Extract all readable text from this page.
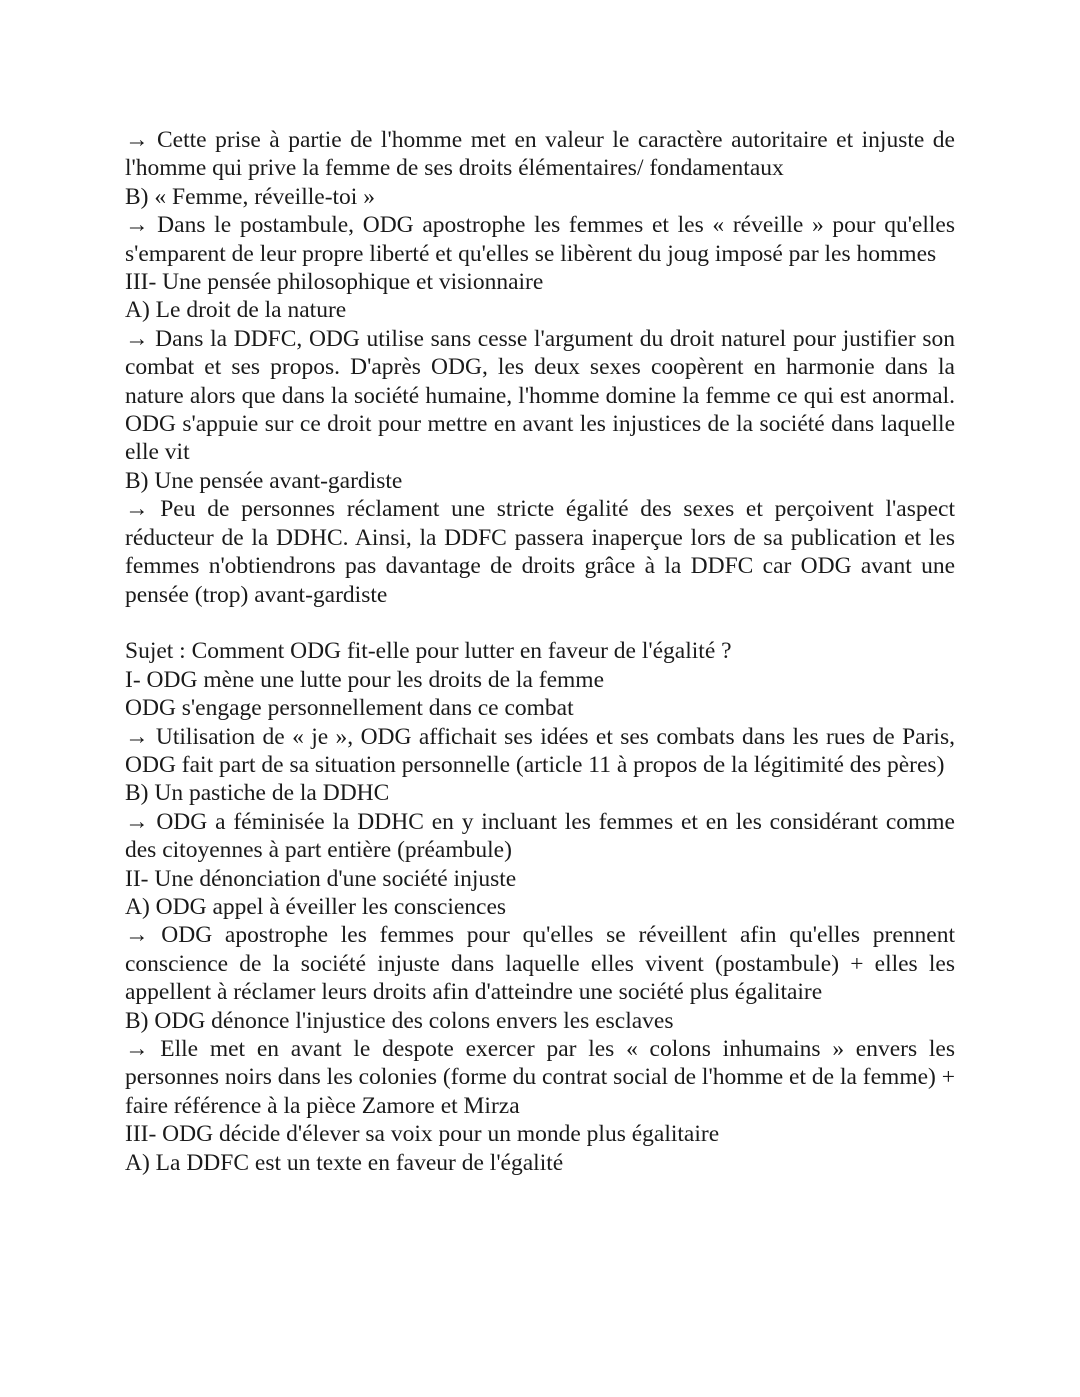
→ Cette prise à partie de l'homme met en valeur le caractère autoritaire et injuste de l'homme qui prive la femme de ses droits élémentaires/ fondamentaux
B) « Femme, réveille-toi »
→ Dans le postambule, ODG apostrophe les femmes et les « réveille » pour qu'elles s'emparent de leur propre liberté et qu'elles se libèrent du joug imposé par les hommes
III- Une pensée philosophique et visionnaire
A) Le droit de la nature
→ Dans la DDFC, ODG utilise sans cesse l'argument du droit naturel pour justifier son combat et ses propos. D'après ODG, les deux sexes coopèrent en harmonie dans la nature alors que dans la société humaine, l'homme domine la femme ce qui est anormal. ODG s'appuie sur ce droit pour mettre en avant les injustices de la société dans laquelle elle vit
B) Une pensée avant-gardiste
→ Peu de personnes réclament une stricte égalité des sexes et perçoivent l'aspect réducteur de la DDHC. Ainsi, la DDFC passera inaperçue lors de sa publication et les femmes n'obtiendrons pas davantage de droits grâce à la DDFC car ODG avant une pensée (trop) avant-gardiste
Sujet : Comment ODG fit-elle pour lutter en faveur de l'égalité ?
I- ODG mène une lutte pour les droits de la femme
ODG s'engage personnellement dans ce combat
→ Utilisation de « je », ODG affichait ses idées et ses combats dans les rues de Paris, ODG fait part de sa situation personnelle (article 11 à propos de la légitimité des pères)
B) Un pastiche de la DDHC
→ ODG a féminisée la DDHC en y incluant les femmes et en les considérant comme des citoyennes à part entière (préambule)
II- Une dénonciation d'une société injuste
A) ODG appel à éveiller les consciences
→ ODG apostrophe les femmes pour qu'elles se réveillent afin qu'elles prennent conscience de la société injuste dans laquelle elles vivent (postambule) + elles les appellent à réclamer leurs droits afin d'atteindre une société plus égalitaire
B) ODG dénonce l'injustice des colons envers les esclaves
→ Elle met en avant le despote exercer par les « colons inhumains » envers les personnes noirs dans les colonies (forme du contrat social de l'homme et de la femme) + faire référence à la pièce Zamore et Mirza
III- ODG décide d'élever sa voix pour un monde plus égalitaire
A) La DDFC est un texte en faveur de l'égalité
